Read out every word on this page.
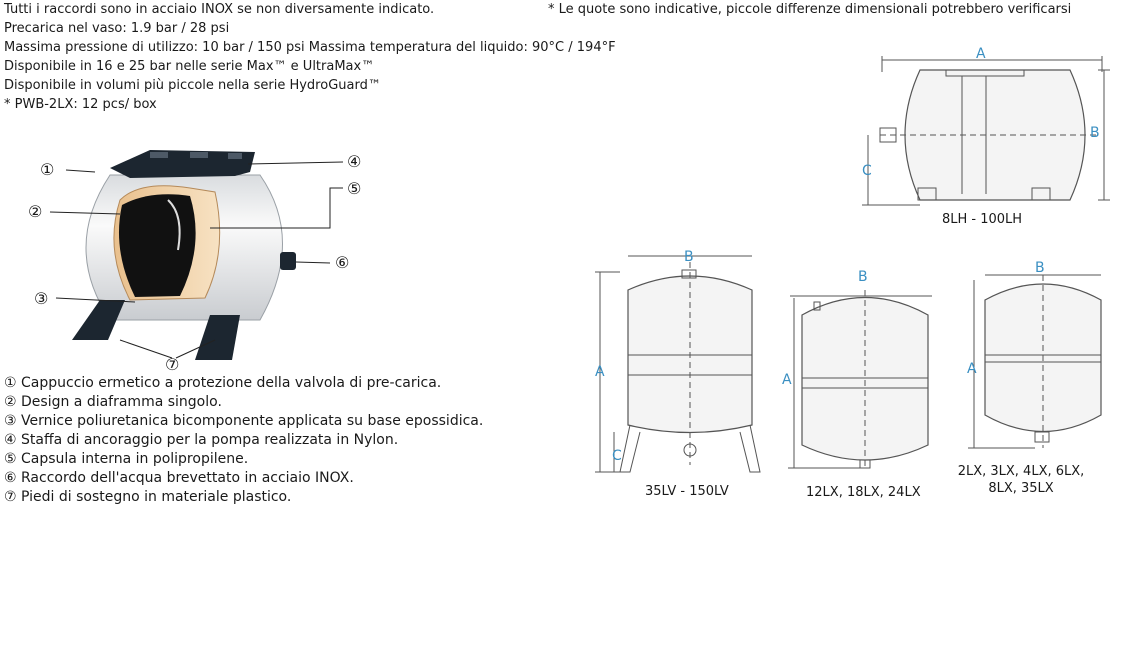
Tutti i raccordi sono in acciaio INOX se non diversamente indicato.
Precarica nel vaso: 1.9 bar / 28 psi
Massima pressione di utilizzo: 10 bar / 150 psi Massima temperatura del liquido: 90°C / 194°F
Disponibile in 16 e 25 bar nelle serie Max™ e UltraMax™
Disponibile in volumi più piccole nella serie HydroGuard™
* PWB-2LX: 12 pcs/ box
* Le quote sono indicative, piccole differenze dimensionali potrebbero verificarsi
①
②
③
④
⑤
⑥
⑦
① Cappuccio ermetico a protezione della valvola di pre-carica.
② Design a diaframma singolo.
③ Vernice poliuretanica bicomponente applicata su base epossidica.
④ Staffa di ancoraggio per la pompa realizzata in Nylon.
⑤ Capsula interna in polipropilene.
⑥ Raccordo dell'acqua brevettato in acciaio INOX.
⑦ Piedi di sostegno in materiale plastico.
A
B
C
8LH - 100LH
B
A
C
35LV - 150LV
B
A
12LX, 18LX, 24LX
B
A
2LX, 3LX, 4LX, 6LX,
8LX, 35LX
